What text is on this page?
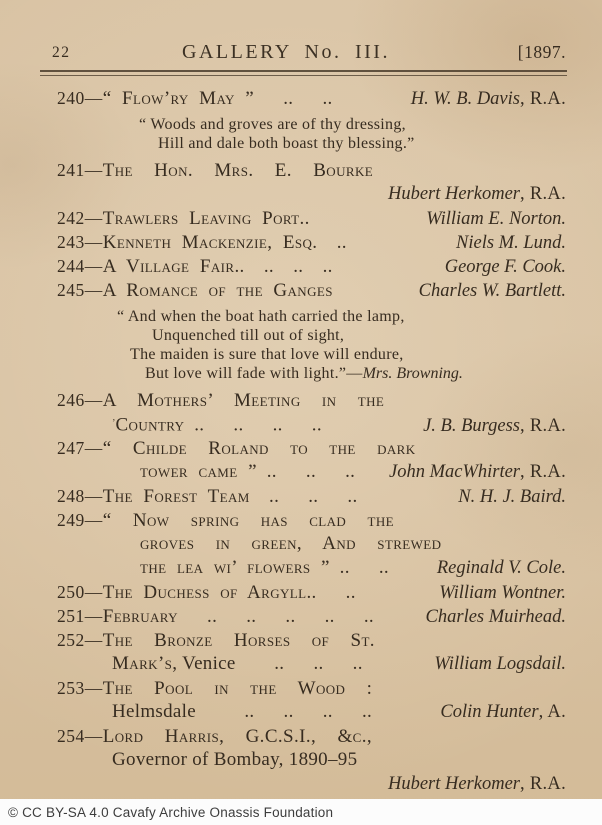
22	GALLERY No. III.	[1897.
240—“ Flow’ry May ”  ..  ..	H. W. B. Davis, R.A.
“ Woods and groves are of thy dressing,
Hill and dale both boast thy blessing.”
241—The Hon. Mrs. E. Bourke
Hubert Herkomer, R.A.
242—Trawlers Leaving Port..	William E. Norton.
243—Kenneth Mackenzie, Esq. ..	Niels M. Lund.
244—A Village Fair.. .. .. ..	George F. Cook.
245—A Romance of the Ganges	Charles W. Bartlett.
“ And when the boat hath carried the lamp,
Unquenched till out of sight,
The maiden is sure that love will endure,
But love will fade with light.”—Mrs. Browning.
246—A Mothers’ Meeting in the
’Country ..  ..  ..  ..	J. B. Burgess, R.A.
247—“ Childe Roland to the dark
tower came ” ..  ..  .. John MacWhirter, R.A.
248—The Forest Team ..  ..  ..	N. H. J. Baird.
249—“ Now spring has clad the
groves in green, And strewed
the lea wi’ flowers ” ..  ..	Reginald V. Cole.
250—The Duchess of Argyll..  ..	William Wontner.
251—February  ..  ..  ..  ..  ..	Charles Muirhead.
252—The Bronze Horses of St.
Mark’s, Venice  ..  ..  ..	William Logsdail.
253—The Pool in the Wood :
Helmsdale   ..  ..  ..  ..	Colin Hunter, A.
254—Lord Harris, G.C.S.I., &c.,
Governor of Bombay, 1890–95
Hubert Herkomer, R.A.
© CC BY-SA 4.0 Cavafy Archive Onassis Foundation
